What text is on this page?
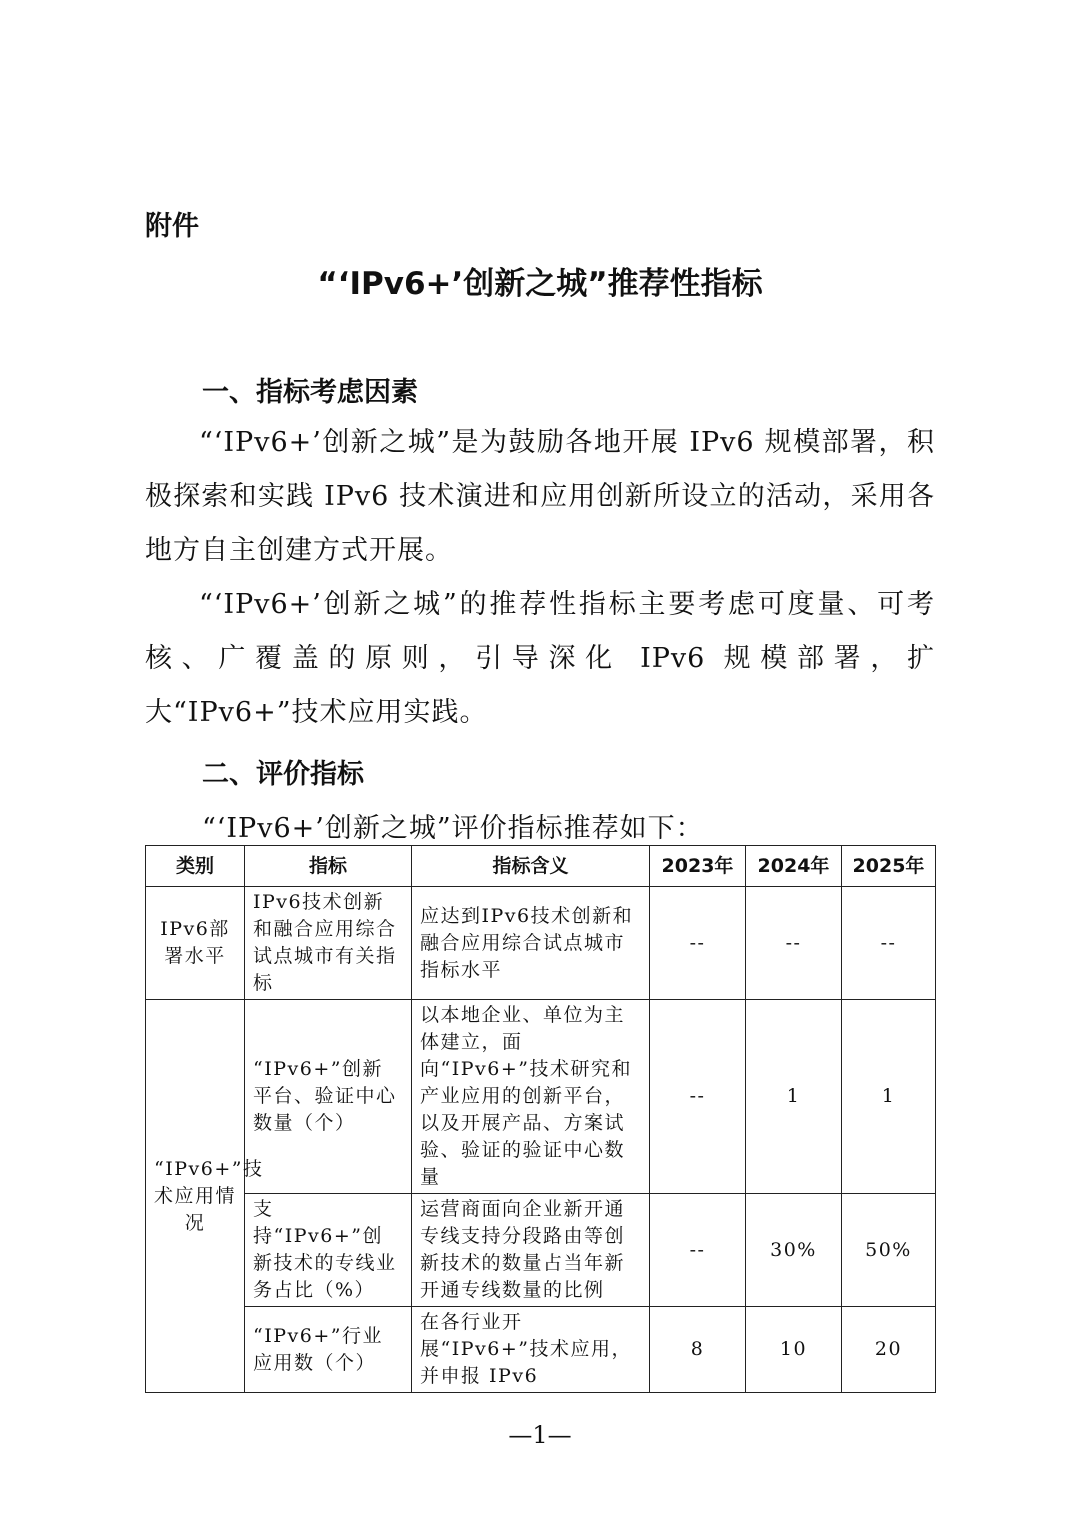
附件
“‘IPv6+’创新之城”推荐性指标
一、指标考虑因素
“‘IPv6+’创新之城”是为鼓励各地开展 IPv6 规模部署，积极探索和实践 IPv6 技术演进和应用创新所设立的活动，采用各地方自主创建方式开展。
“‘IPv6+’创新之城”的推荐性指标主要考虑可度量、可考核、广覆盖的原则，引导深化 IPv6 规模部署，扩大“IPv6+”技术应用实践。
二、评价指标
“‘IPv6+’创新之城”评价指标推荐如下：
类别	指标	指标含义	2023年	2024年	2025年
IPv6部署水平	IPv6技术创新和融合应用综合试点城市有关指标	应达到IPv6技术创新和融合应用综合试点城市指标水平	--	--	--
“IPv6+”技术应用情况	“IPv6+”创新平台、验证中心数量（个）	以本地企业、单位为主体建立，面向“IPv6+”技术研究和产业应用的创新平台，以及开展产品、方案试验、验证的验证中心数量	--	1	1
	支持“IPv6+”创新技术的专线业务占比（%）	运营商面向企业新开通专线支持分段路由等创新技术的数量占当年新开通专线数量的比例	--	30%	50%
	“IPv6+”行业应用数（个）	在各行业开展“IPv6+”技术应用，并申报 IPv6	8	10	20
—1—
